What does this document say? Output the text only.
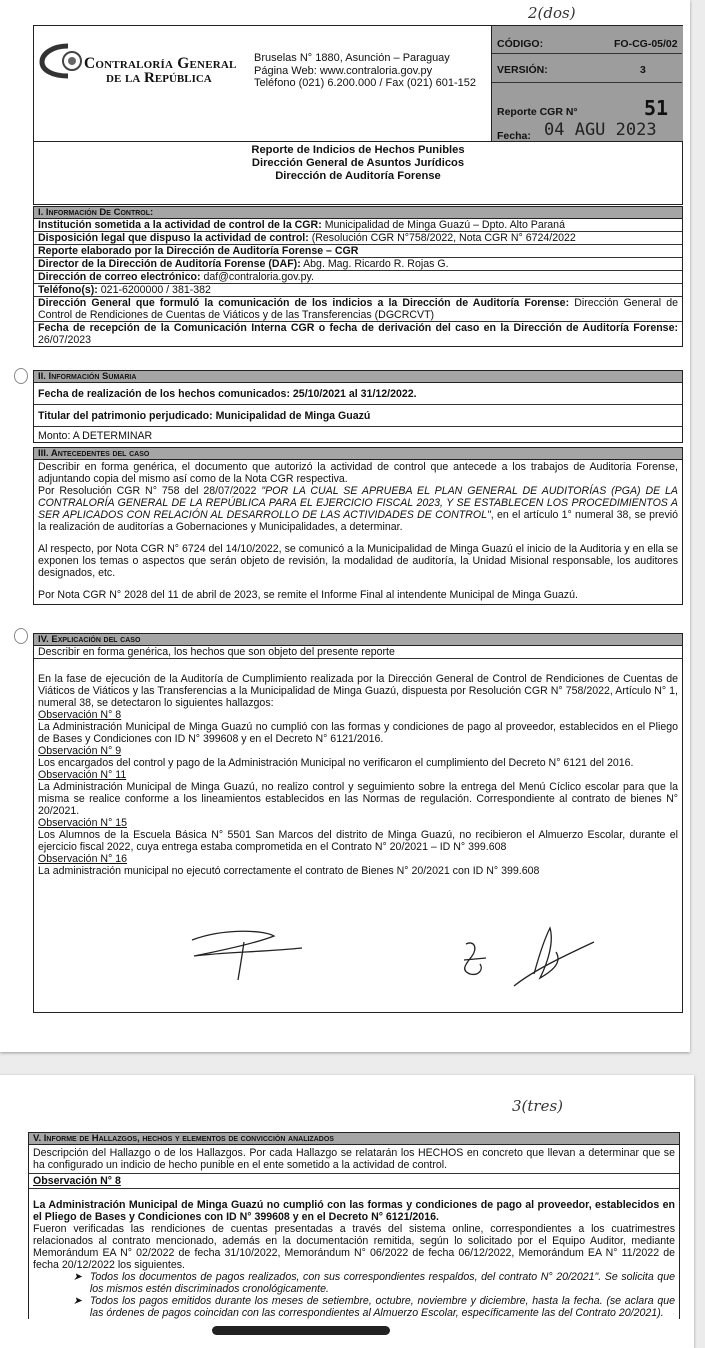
2(dos)
Contraloría General
de la República
Bruselas N° 1880, Asunción – Paraguay
Página Web: www.contraloria.gov.py
Teléfono (021) 6.200.000 / Fax (021) 601-152
CÓDIGO:	FO-CG-05/02
VERSIÓN:	3
Reporte CGR N°	51
Fecha: 04 AGU 2023
Reporte de Indicios de Hechos Punibles
Dirección General de Asuntos Jurídicos
Dirección de Auditoría Forense
I. Información De Control:
Institución sometida a la actividad de control de la CGR: Municipalidad de Minga Guazú – Dpto. Alto Paraná
Disposición legal que dispuso la actividad de control: (Resolución CGR N°758/2022, Nota CGR N° 6724/2022
Reporte elaborado por la Dirección de Auditoría Forense – CGR
Director de la Dirección de Auditoría Forense (DAF): Abg. Mag. Ricardo R. Rojas G.
Dirección de correo electrónico: daf@contraloria.gov.py.
Teléfono(s): 021-6200000 / 381-382
Dirección General que formuló la comunicación de los indicios a la Dirección de Auditoría Forense: Dirección General de Control de Rendiciones de Cuentas de Viáticos y de las Transferencias (DGCRCVT)
Fecha de recepción de la Comunicación Interna CGR o fecha de derivación del caso en la Dirección de Auditoría Forense: 26/07/2023
II. Información Sumaria
Fecha de realización de los hechos comunicados: 25/10/2021 al 31/12/2022.
Titular del patrimonio perjudicado: Municipalidad de Minga Guazú
Monto: A DETERMINAR
III. Antecedentes del caso
Describir en forma genérica, el documento que autorizó la actividad de control que antecede a los trabajos de Auditoria Forense, adjuntando copia del mismo así como de la Nota CGR respectiva.
Por Resolución CGR N° 758 del 28/07/2022 "POR LA CUAL SE APRUEBA EL PLAN GENERAL DE AUDITORÍAS (PGA) DE LA CONTRALORÍA GENERAL DE LA REPÚBLICA PARA EL EJERCICIO FISCAL 2023, Y SE ESTABLECEN LOS PROCEDIMIENTOS A SER APLICADOS CON RELACIÓN AL DESARROLLO DE LAS ACTIVIDADES DE CONTROL", en el artículo 1° numeral 38, se previó la realización de auditorías a Gobernaciones y Municipalidades, a determinar.
Al respecto, por Nota CGR N° 6724 del 14/10/2022, se comunicó a la Municipalidad de Minga Guazú el inicio de la Auditoria y en ella se exponen los temas o aspectos que serán objeto de revisión, la modalidad de auditoría, la Unidad Misional responsable, los auditores designados, etc.
Por Nota CGR N° 2028 del 11 de abril de 2023, se remite el Informe Final al intendente Municipal de Minga Guazú.
IV. Explicación del caso
Describir en forma genérica, los hechos que son objeto del presente reporte
En la fase de ejecución de la Auditoría de Cumplimiento realizada por la Dirección General de Control de Rendiciones de Cuentas de Viáticos de Viáticos y las Transferencias a la Municipalidad de Minga Guazú, dispuesta por Resolución CGR N° 758/2022, Artículo N° 1, numeral 38, se detectaron lo siguientes hallazgos:
Observación N° 8
La Administración Municipal de Minga Guazú no cumplió con las formas y condiciones de pago al proveedor, establecidos en el Pliego de Bases y Condiciones con ID N° 399608 y en el Decreto N° 6121/2016.
Observación N° 9
Los encargados del control y pago de la Administración Municipal no verificaron el cumplimiento del Decreto N° 6121 del 2016.
Observación N° 11
La Administración Municipal de Minga Guazú, no realizo control y seguimiento sobre la entrega del Menú Cíclico escolar para que la misma se realice conforme a los lineamientos establecidos en las Normas de regulación. Correspondiente al contrato de bienes N° 20/2021.
Observación N° 15
Los Alumnos de la Escuela Básica N° 5501 San Marcos del distrito de Minga Guazú, no recibieron el Almuerzo Escolar, durante el ejercicio fiscal 2022, cuya entrega estaba comprometida en el Contrato N° 20/2021 – ID N° 399.608
Observación N° 16
La administración municipal no ejecutó correctamente el contrato de Bienes N° 20/2021 con ID N° 399.608
3(tres)
V. Informe de Hallazgos, hechos y elementos de convicción analizados
Descripción del Hallazgo o de los Hallazgos. Por cada Hallazgo se relatarán los HECHOS en concreto que llevan a determinar que se ha configurado un indicio de hecho punible en el ente sometido a la actividad de control.
Observación N° 8
La Administración Municipal de Minga Guazú no cumplió con las formas y condiciones de pago al proveedor, establecidos en el Pliego de Bases y Condiciones con ID N° 399608 y en el Decreto N° 6121/2016.
Fueron verificadas las rendiciones de cuentas presentadas a través del sistema online, correspondientes a los cuatrimestres relacionados al contrato mencionado, además en la documentación remitida, según lo solicitado por el Equipo Auditor, mediante Memorándum EA N° 02/2022 de fecha 31/10/2022, Memorándum N° 06/2022 de fecha 06/12/2022, Memorándum EA N° 11/2022 de fecha 20/12/2022 los siguientes.
➤ Todos los documentos de pagos realizados, con sus correspondientes respaldos, del contrato N° 20/2021". Se solicita que los mismos estén discriminados cronológicamente.
➤ Todos los pagos emitidos durante los meses de setiembre, octubre, noviembre y diciembre, hasta la fecha. (se aclara que las órdenes de pagos coincidan con las correspondientes al Almuerzo Escolar, específicamente las del Contrato 20/2021).
